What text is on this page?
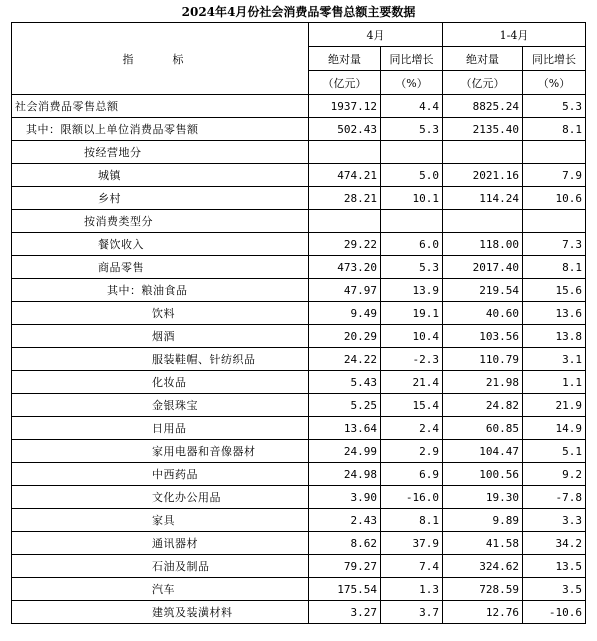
2024年4月份社会消费品零售总额主要数据
指　标	4月		1-4月	
	绝对量	同比增长	绝对量	同比增长
	（亿元）	（%）	（亿元）	（%）
社会消费品零售总额	1937.12	4.4	8825.24	5.3
其中：限额以上单位消费品零售额	502.43	5.3	2135.40	8.1
按经营地分				
城镇	474.21	5.0	2021.16	7.9
乡村	28.21	10.1	114.24	10.6
按消费类型分				
餐饮收入	29.22	6.0	118.00	7.3
商品零售	473.20	5.3	2017.40	8.1
其中：粮油食品	47.97	13.9	219.54	15.6
饮料	9.49	19.1	40.60	13.6
烟酒	20.29	10.4	103.56	13.8
服装鞋帽、针纺织品	24.22	-2.3	110.79	3.1
化妆品	5.43	21.4	21.98	1.1
金银珠宝	5.25	15.4	24.82	21.9
日用品	13.64	2.4	60.85	14.9
家用电器和音像器材	24.99	2.9	104.47	5.1
中西药品	24.98	6.9	100.56	9.2
文化办公用品	3.90	-16.0	19.30	-7.8
家具	2.43	8.1	9.89	3.3
通讯器材	8.62	37.9	41.58	34.2
石油及制品	79.27	7.4	324.62	13.5
汽车	175.54	1.3	728.59	3.5
建筑及装潢材料	3.27	3.7	12.76	-10.6
